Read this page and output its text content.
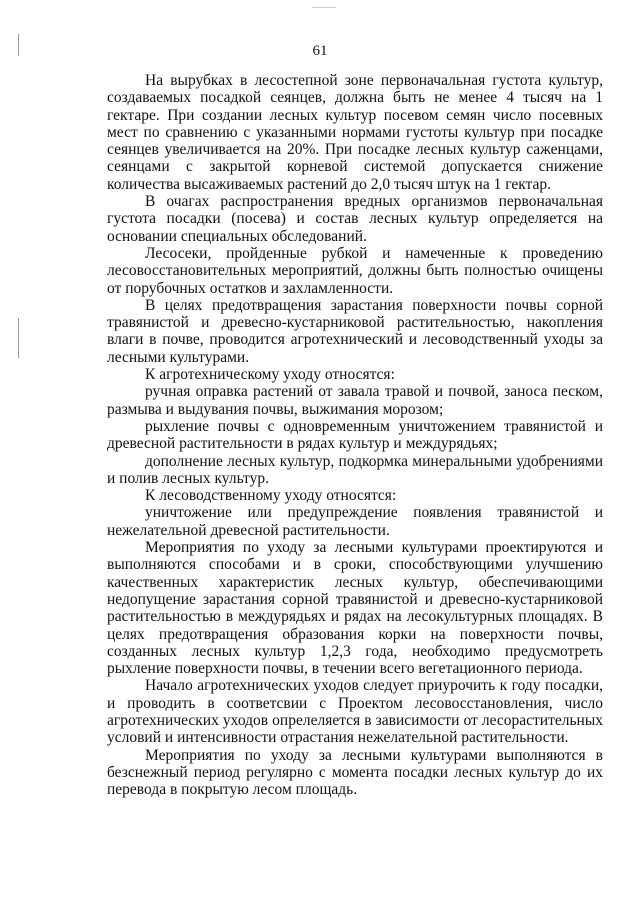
61

На вырубках в лесостепной зоне первоначальная густота культур, создаваемых посадкой сеянцев, должна быть не менее 4 тысяч на 1 гектаре. При создании лесных культур посевом семян число посевных мест по сравнению с указанными нормами густоты культур при посадке сеянцев увеличивается на 20%. При посадке лесных культур саженцами, сеянцами с закрытой корневой системой допускается снижение количества высаживаемых растений до 2,0 тысяч штук на 1 гектар.

В очагах распространения вредных организмов первоначальная густота посадки (посева) и состав лесных культур определяется на основании специальных обследований.

Лесосеки, пройденные рубкой и намеченные к проведению лесовосстановительных мероприятий, должны быть полностью очищены от порубочных остатков и захламленности.

В целях предотвращения зарастания поверхности почвы сорной травянистой и древесно-кустарниковой растительностью, накопления влаги в почве, проводится агротехнический и лесоводственный уходы за лесными культурами.

К агротехническому уходу относятся:

ручная оправка растений от завала травой и почвой, заноса песком, размыва и выдувания почвы, выжимания морозом;

рыхление почвы с одновременным уничтожением травянистой и древесной растительности в рядах культур и междурядьях;

дополнение лесных культур, подкормка минеральными удобрениями и полив лесных культур.

К лесоводственному уходу относятся:

уничтожение или предупреждение появления травянистой и нежелательной древесной растительности.

Мероприятия по уходу за лесными культурами проектируются и выполняются способами и в сроки, способствующими улучшению качественных характеристик лесных культур, обеспечивающими недопущение зарастания сорной травянистой и древесно-кустарниковой растительностью в междурядьях и рядах на лесокультурных площадях. В целях предотвращения образования корки на поверхности почвы, созданных лесных культур 1,2,3 года, необходимо предусмотреть рыхление поверхности почвы, в течении всего вегетационного периода.

Начало агротехнических уходов следует приурочить к году посадки, и проводить в соответсвии с Проектом лесовосстановления, число агротехнических уходов опрелеляется в зависимости от лесорастительных условий и интенсивности отрастания нежелательной растительности.

Мероприятия по уходу за лесными культурами выполняются в безснежный период регулярно с момента посадки лесных культур до их перевода в покрытую лесом площадь.
